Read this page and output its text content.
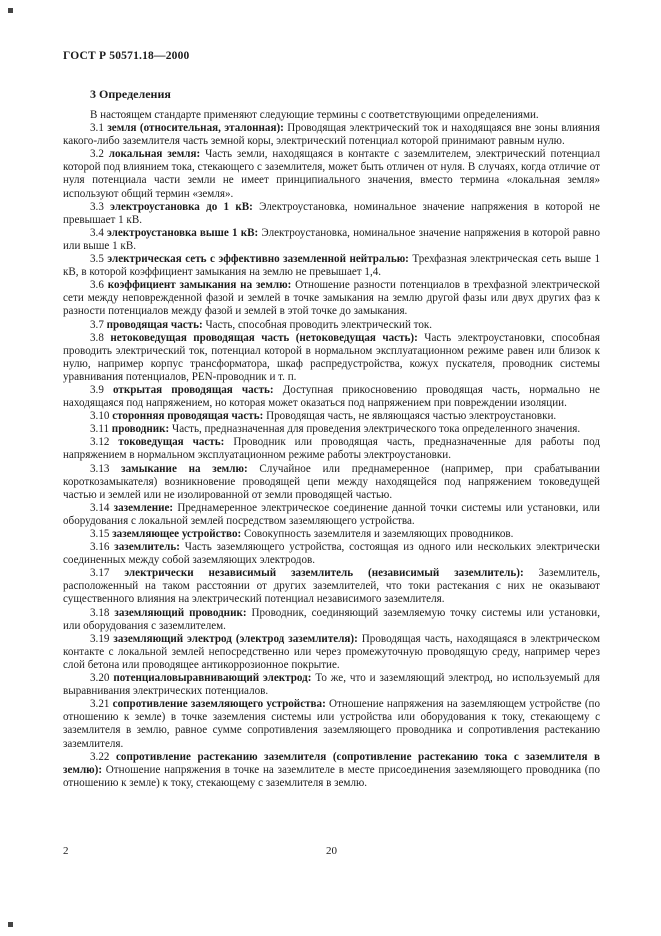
ГОСТ Р 50571.18—2000
3 Определения

В настоящем стандарте применяют следующие термины с соответствующими определениями.

3.1 земля (относительная, эталонная): Проводящая электрический ток и находящаяся вне зоны влияния какого-либо заземлителя часть земной коры, электрический потенциал которой принимают равным нулю.

3.2 локальная земля: Часть земли, находящаяся в контакте с заземлителем, электрический потенциал которой под влиянием тока, стекающего с заземлителя, может быть отличен от нуля. В случаях, когда отличие от нуля потенциала части земли не имеет принципиального значения, вместо термина «локальная земля» используют общий термин «земля».

3.3 электроустановка до 1 кВ: Электроустановка, номинальное значение напряжения в которой не превышает 1 кВ.

3.4 электроустановка выше 1 кВ: Электроустановка, номинальное значение напряжения в которой равно или выше 1 кВ.

3.5 электрическая сеть с эффективно заземленной нейтралью: Трехфазная электрическая сеть выше 1 кВ, в которой коэффициент замыкания на землю не превышает 1,4.

3.6 коэффициент замыкания на землю: Отношение разности потенциалов в трехфазной электрической сети между неповрежденной фазой и землей в точке замыкания на землю другой фазы или двух других фаз к разности потенциалов между фазой и землей в этой точке до замыкания.

3.7 проводящая часть: Часть, способная проводить электрический ток.

3.8 нетоковедущая проводящая часть (нетоковедущая часть): Часть электроустановки, способная проводить электрический ток, потенциал которой в нормальном эксплуатационном режиме равен или близок к нулю, например корпус трансформатора, шкаф распредустройства, кожух пускателя, проводник системы уравнивания потенциалов, PEN-проводник и т. п.

3.9 открытая проводящая часть: Доступная прикосновению проводящая часть, нормально не находящаяся под напряжением, но которая может оказаться под напряжением при повреждении изоляции.

3.10 сторонняя проводящая часть: Проводящая часть, не являющаяся частью электроустановки.

3.11 проводник: Часть, предназначенная для проведения электрического тока определенного значения.

3.12 токоведущая часть: Проводник или проводящая часть, предназначенные для работы под напряжением в нормальном эксплуатационном режиме работы электроустановки.

3.13 замыкание на землю: Случайное или преднамеренное (например, при срабатывании короткозамыкателя) возникновение проводящей цепи между находящейся под напряжением токоведущей частью и землей или не изолированной от земли проводящей частью.

3.14 заземление: Преднамеренное электрическое соединение данной точки системы или установки, или оборудования с локальной землей посредством заземляющего устройства.

3.15 заземляющее устройство: Совокупность заземлителя и заземляющих проводников.

3.16 заземлитель: Часть заземляющего устройства, состоящая из одного или нескольких электрически соединенных между собой заземляющих электродов.

3.17 электрически независимый заземлитель (независимый заземлитель): Заземлитель, расположенный на таком расстоянии от других заземлителей, что токи растекания с них не оказывают существенного влияния на электрический потенциал независимого заземлителя.

3.18 заземляющий проводник: Проводник, соединяющий заземляемую точку системы или установки, или оборудования с заземлителем.

3.19 заземляющий электрод (электрод заземлителя): Проводящая часть, находящаяся в электрическом контакте с локальной землей непосредственно или через промежуточную проводящую среду, например через слой бетона или проводящее антикоррозионное покрытие.

3.20 потенциаловыравнивающий электрод: То же, что и заземляющий электрод, но используемый для выравнивания электрических потенциалов.

3.21 сопротивление заземляющего устройства: Отношение напряжения на заземляющем устройстве (по отношению к земле) в точке заземления системы или устройства или оборудования к току, стекающему с заземлителя в землю, равное сумме сопротивления заземляющего проводника и сопротивления растеканию заземлителя.

3.22 сопротивление растеканию заземлителя (сопротивление растеканию тока с заземлителя в землю): Отношение напряжения в точке на заземлителе в месте присоединения заземляющего проводника (по отношению к земле) к току, стекающему с заземлителя в землю.

2	20
